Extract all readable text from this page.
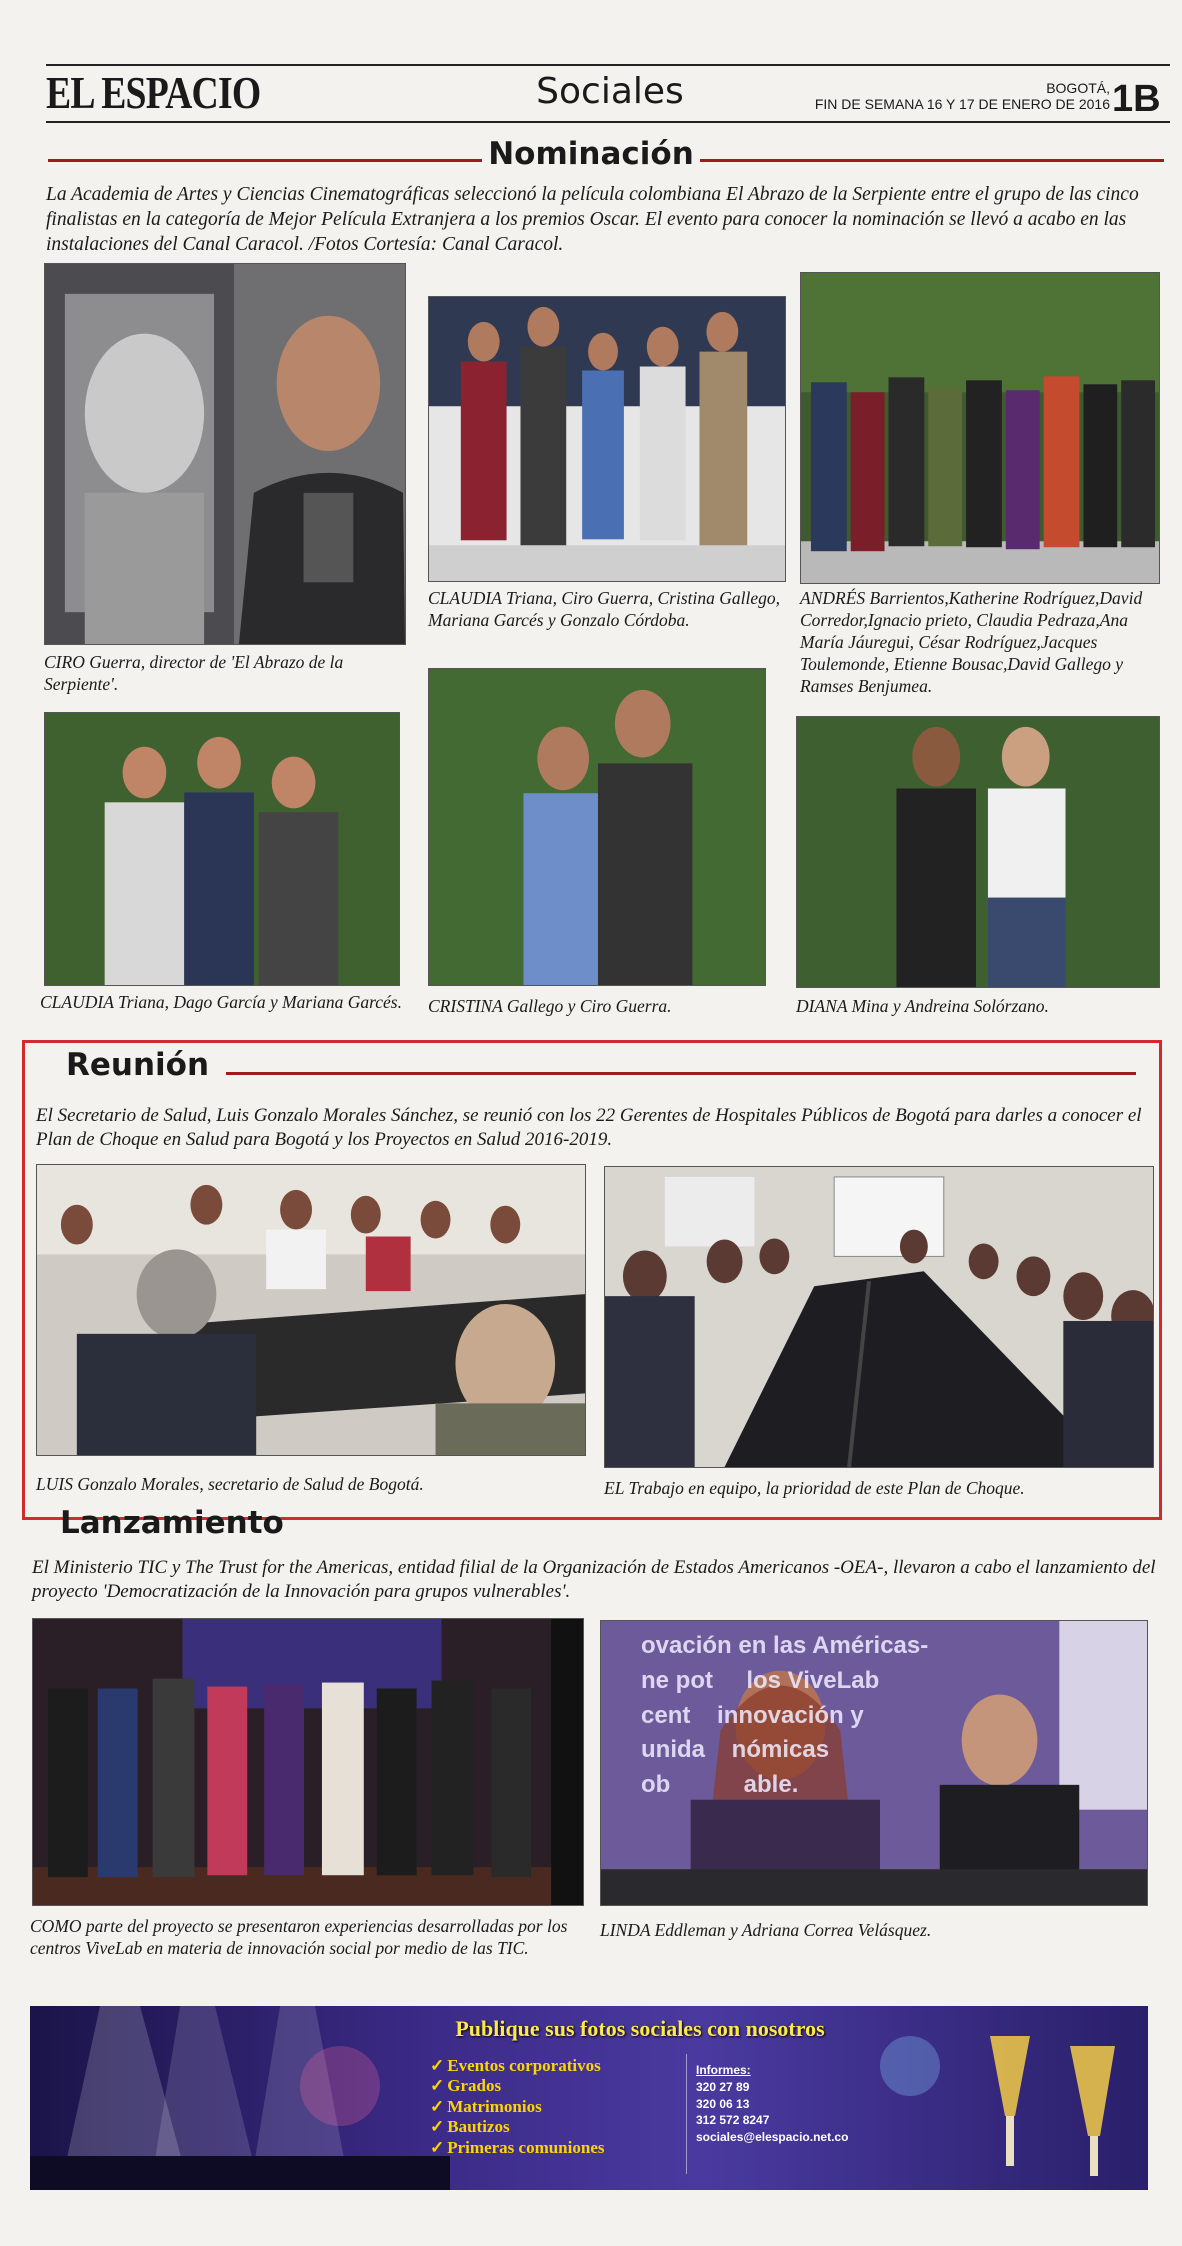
EL ESPACIO	Sociales	BOGOTÁ,
FIN DE SEMANA 16 Y 17 DE ENERO DE 2016 1B
Nominación
La Academia de Artes y Ciencias Cinematográficas seleccionó la película colombiana El Abrazo de la Serpiente entre el grupo de las cinco finalistas en la categoría de Mejor Película Extranjera a los premios Oscar. El evento para conocer la nominación se llevó a acabo en las instalaciones del Canal Caracol. /Fotos Cortesía: Canal Caracol.
CIRO Guerra, director de 'El Abrazo de la Serpiente'.
CLAUDIA Triana, Ciro Guerra, Cristina Gallego, Mariana Garcés y Gonzalo Córdoba.
ANDRÉS Barrientos,Katherine Rodríguez,David Corredor,Ignacio prieto, Claudia Pedraza,Ana María Jáuregui, César Rodríguez,Jacques Toulemonde, Etienne Bousac,David Gallego y Ramses Benjumea.
CLAUDIA Triana, Dago García y Mariana Garcés.	CRISTINA Gallego y Ciro Guerra.	DIANA Mina y Andreina Solórzano.
Reunión
El Secretario de Salud, Luis Gonzalo Morales Sánchez, se reunió con los 22 Gerentes de Hospitales Públicos de Bogotá para darles a conocer el Plan de Choque en Salud para Bogotá y los Proyectos en Salud 2016-2019.
LUIS Gonzalo Morales, secretario de Salud de Bogotá.	EL Trabajo en equipo, la prioridad de este Plan de Choque.
Lanzamiento
El Ministerio TIC y The Trust for the Americas, entidad filial de la Organización de Estados Americanos -OEA-, llevaron a cabo el lanzamiento del proyecto 'Democratización de la Innovación para grupos vulnerables'.
ovación en las Américas-
ne pot     los ViveLab
cent    innovación y
unida    nómicas
ob           able.
COMO parte del proyecto se presentaron experiencias desarrolladas por los centros ViveLab en materia de innovación social por medio de las TIC.
LINDA Eddleman y Adriana Correa Velásquez.
Publique sus fotos sociales con nosotros
✓ Eventos corporativos
✓ Grados
✓ Matrimonios
✓ Bautizos
✓ Primeras comuniones
Informes:
320 27 89
320 06 13
312 572 8247
sociales@elespacio.net.co
